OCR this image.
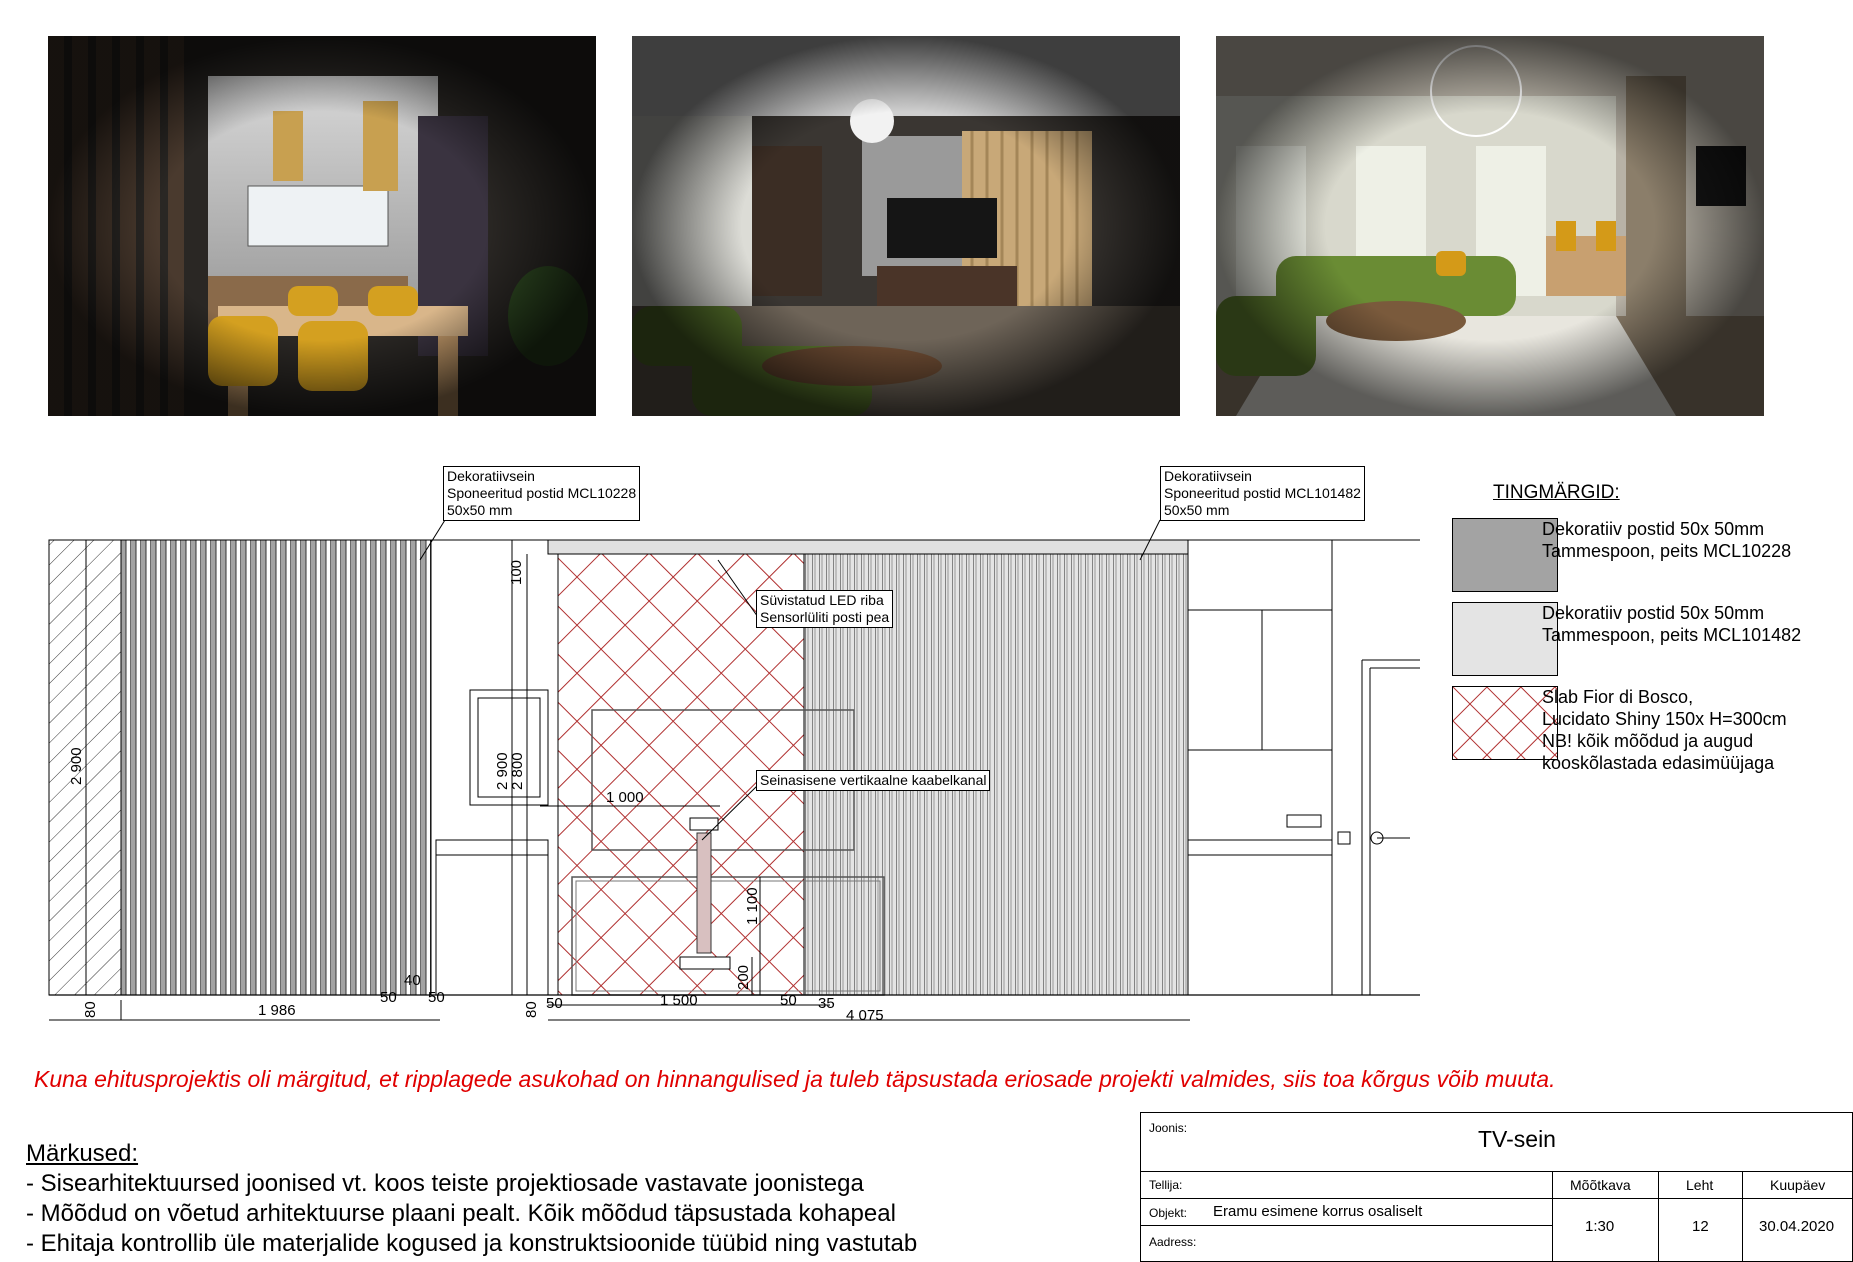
2 900
100
2 900
2 800
1 000
1 100
200
40
80	1 986
50 50
80 50	1 500	50 35
4 075
Dekoratiivsein
Sponeeritud postid MCL10228
50x50 mm
Dekoratiivsein
Sponeeritud postid MCL101482
50x50 mm
Süvistatud LED riba
Sensorlüliti posti pea
Seinasisene vertikaalne kaabelkanal
TINGMÄRGID:
Dekoratiiv postid 50x 50mm
Tammespoon, peits MCL10228
Dekoratiiv postid 50x 50mm
Tammespoon, peits MCL101482
Slab Fior di Bosco,
Lucidato Shiny 150x H=300cm
NB! kõik mõõdud ja augud
kooskõlastada edasimüüjaga
Kuna ehitusprojektis oli märgitud, et ripplagede asukohad on hinnangulised ja tuleb täpsustada eriosade projekti valmides, siis toa kõrgus võib muuta.
Märkused:
- Sisearhitektuursed joonised vt. koos teiste projektiosade vastavate joonistega
- Mõõdud on võetud arhitektuurse plaani pealt. Kõik mõõdud täpsustada kohapeal
- Ehitaja kontrollib üle materjalide kogused ja konstruktsioonide tüübid ning vastutab
Joonis:	TV-sein
Tellija:
Objekt: Eramu esimene korrus osaliselt
Aadress:
Mõõtkava	Leht	Kuupäev
1:30	12	30.04.2020
